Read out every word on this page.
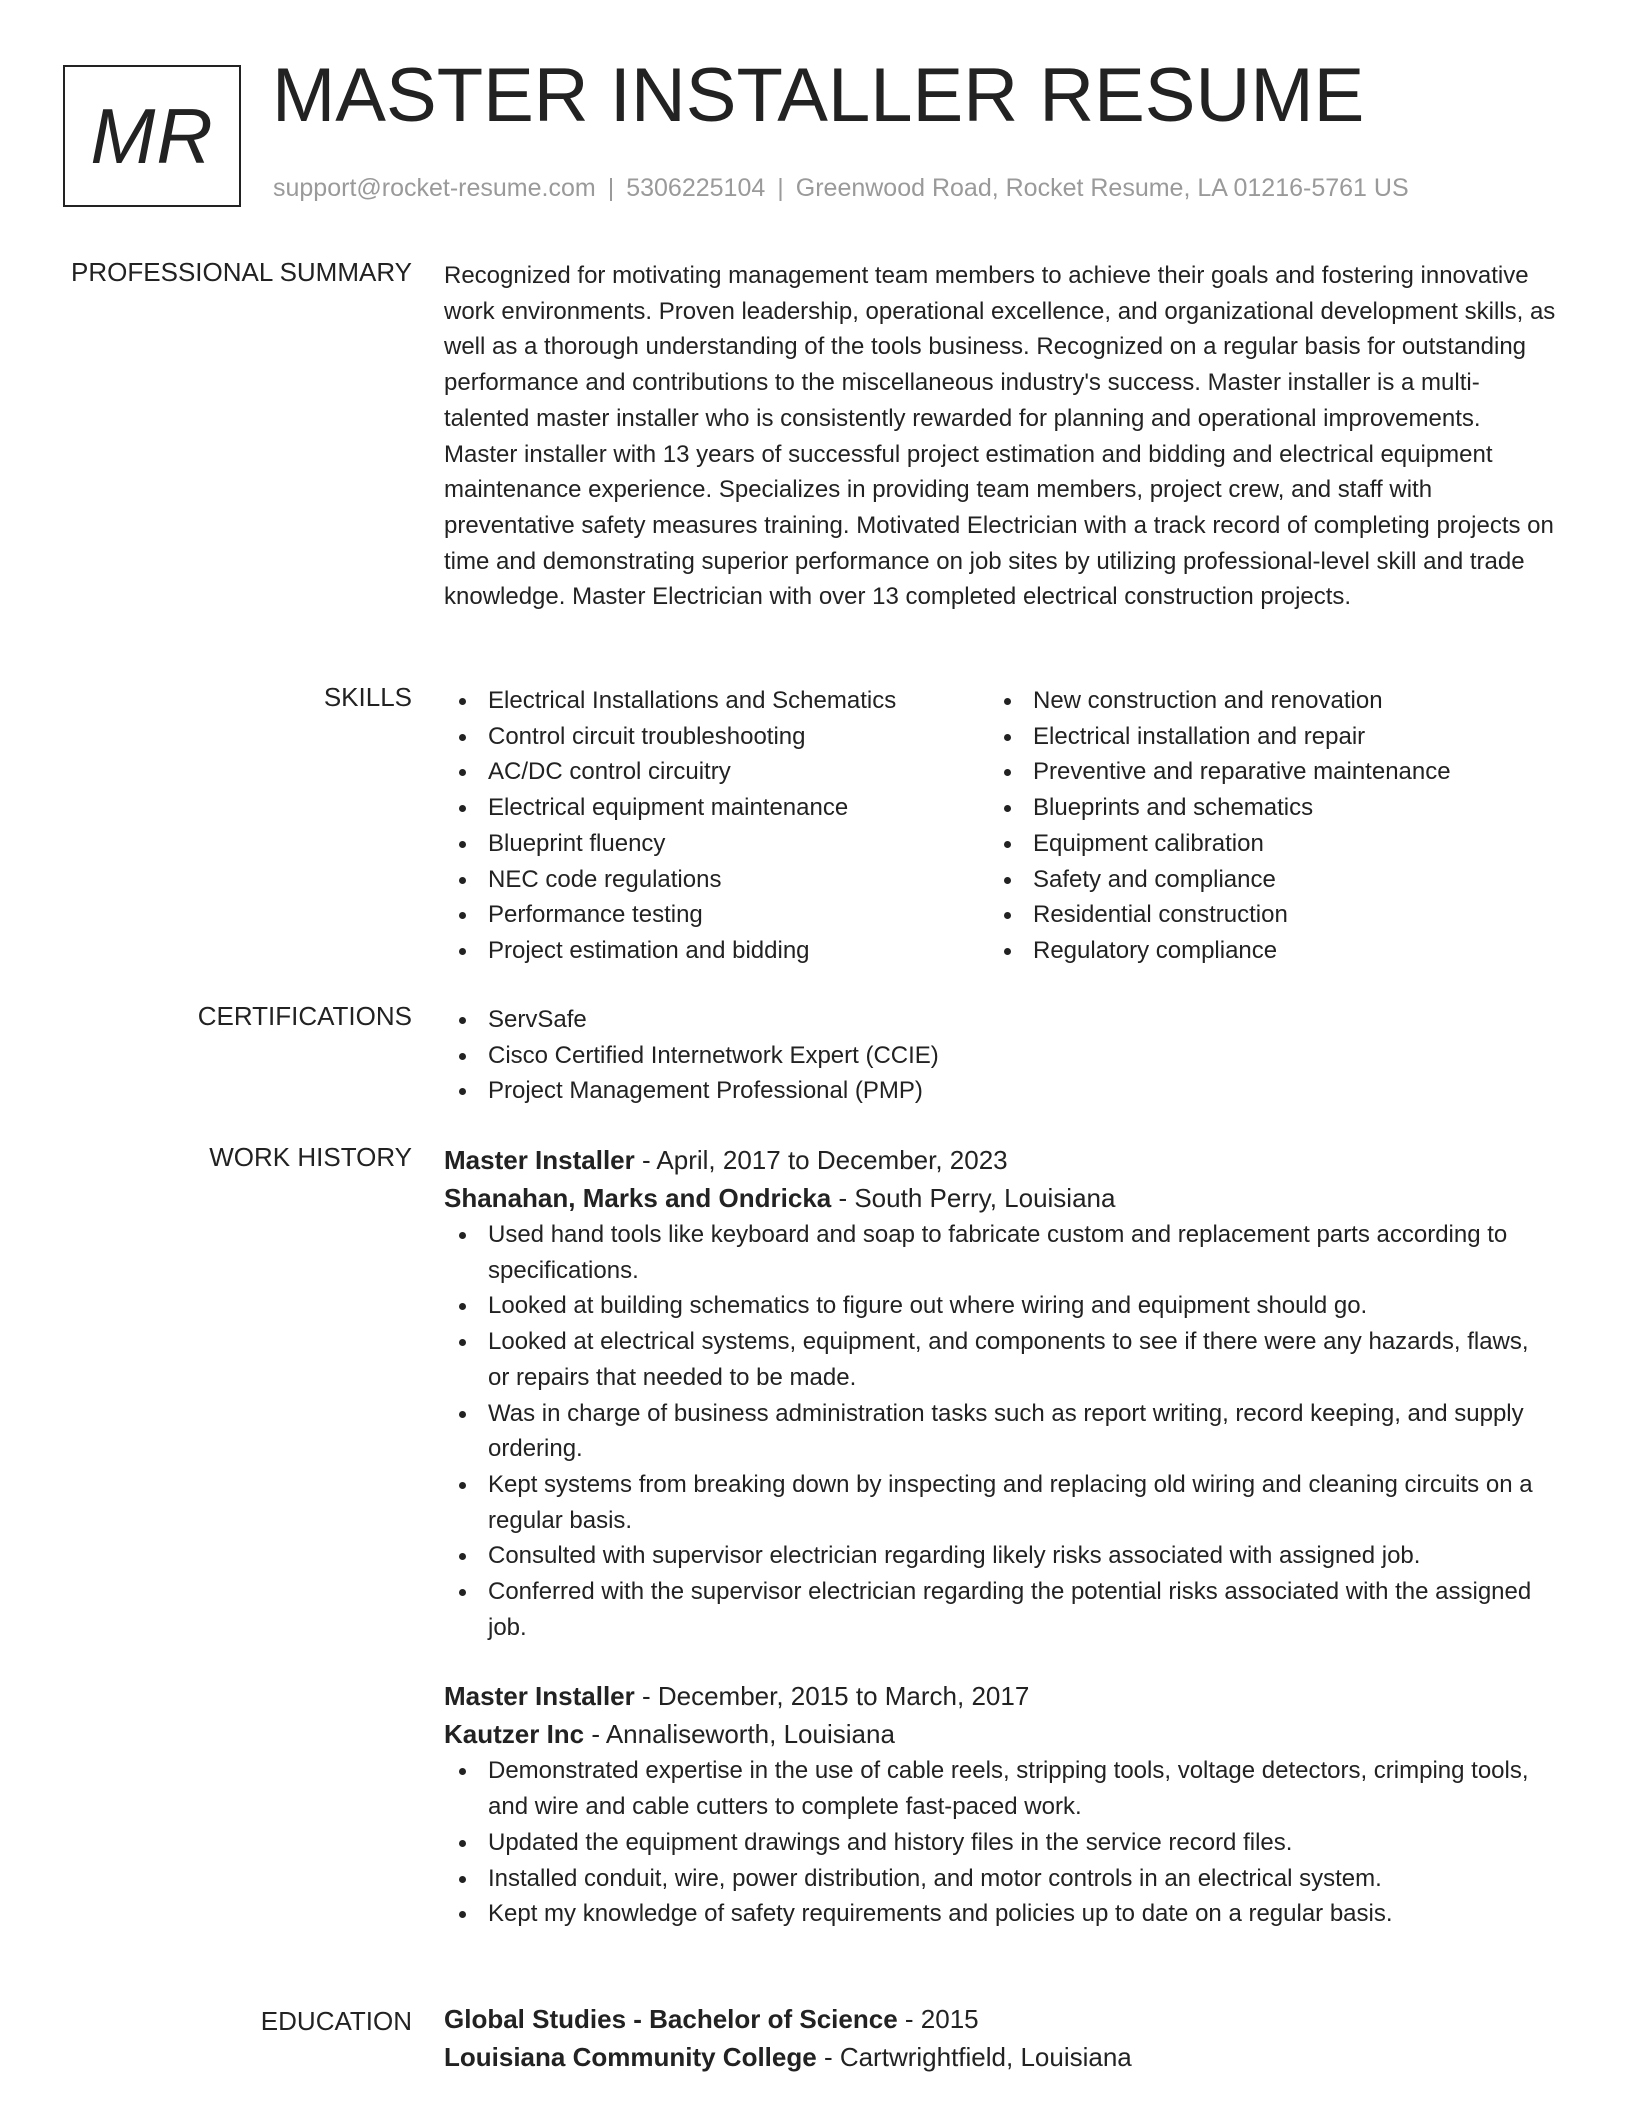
MR MASTER INSTALLER RESUME
support@rocket-resume.com | 5306225104 | Greenwood Road, Rocket Resume, LA 01216-5761 US
PROFESSIONAL SUMMARY Recognized for motivating management team members to achieve their goals and fostering innovative work environments. Proven leadership, operational excellence, and organizational development skills, as well as a thorough understanding of the tools business. Recognized on a regular basis for outstanding performance and contributions to the miscellaneous industry's success. Master installer is a multi-talented master installer who is consistently rewarded for planning and operational improvements. Master installer with 13 years of successful project estimation and bidding and electrical equipment maintenance experience. Specializes in providing team members, project crew, and staff with preventative safety measures training. Motivated Electrician with a track record of completing projects on time and demonstrating superior performance on job sites by utilizing professional-level skill and trade knowledge. Master Electrician with over 13 completed electrical construction projects.
SKILLS	Electrical Installations and Schematics
Control circuit troubleshooting
AC/DC control circuitry
Electrical equipment maintenance
Blueprint fluency
NEC code regulations
Performance testing
Project estimation and bidding
New construction and renovation
Electrical installation and repair
Preventive and reparative maintenance
Blueprints and schematics
Equipment calibration
Safety and compliance
Residential construction
Regulatory compliance
CERTIFICATIONS	ServSafe
Cisco Certified Internetwork Expert (CCIE)
Project Management Professional (PMP)
WORK HISTORY Master Installer - April, 2017 to December, 2023
Shanahan, Marks and Ondricka - South Perry, Louisiana
Used hand tools like keyboard and soap to fabricate custom and replacement parts according to specifications.
Looked at building schematics to figure out where wiring and equipment should go.
Looked at electrical systems, equipment, and components to see if there were any hazards, flaws, or repairs that needed to be made.
Was in charge of business administration tasks such as report writing, record keeping, and supply ordering.
Kept systems from breaking down by inspecting and replacing old wiring and cleaning circuits on a regular basis.
Consulted with supervisor electrician regarding likely risks associated with assigned job.
Conferred with the supervisor electrician regarding the potential risks associated with the assigned job.
Master Installer - December, 2015 to March, 2017
Kautzer Inc - Annaliseworth, Louisiana
Demonstrated expertise in the use of cable reels, stripping tools, voltage detectors, crimping tools, and wire and cable cutters to complete fast-paced work.
Updated the equipment drawings and history files in the service record files.
Installed conduit, wire, power distribution, and motor controls in an electrical system.
Kept my knowledge of safety requirements and policies up to date on a regular basis.
EDUCATION Global Studies - Bachelor of Science - 2015
Louisiana Community College - Cartwrightfield, Louisiana
